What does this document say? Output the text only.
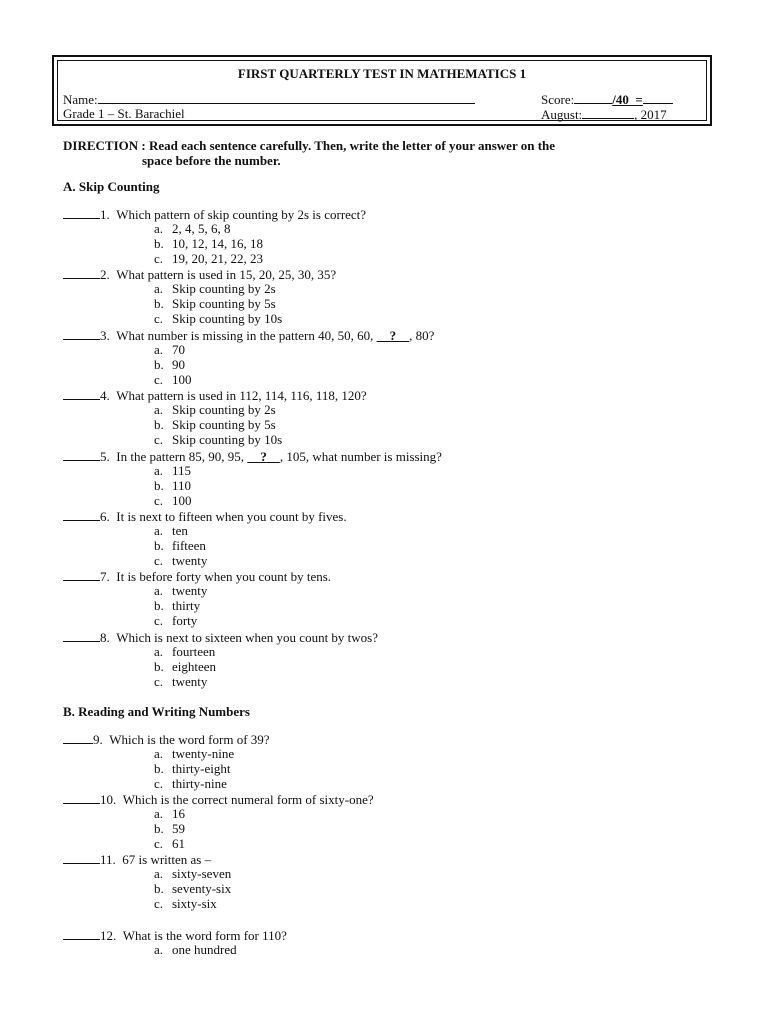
FIRST QUARTERLY TEST IN MATHEMATICS 1
Name:	Score:	/40 =
Grade 1 – St. Barachiel	August:	, 2017
DIRECTION : Read each sentence carefully. Then, write the letter of your answer on the
space before the number.
A. Skip Counting
1. Which pattern of skip counting by 2s is correct?
a. 2, 4, 5, 6, 8
b. 10, 12, 14, 16, 18
c. 19, 20, 21, 22, 23
2. What pattern is used in 15, 20, 25, 30, 35?
a. Skip counting by 2s
b. Skip counting by 5s
c. Skip counting by 10s
3. What number is missing in the pattern 40, 50, 60, ? , 80?
a. 70
b. 90
c. 100
4. What pattern is used in 112, 114, 116, 118, 120?
a. Skip counting by 2s
b. Skip counting by 5s
c. Skip counting by 10s
5. In the pattern 85, 90, 95, ? , 105, what number is missing?
a. 115
b. 110
c. 100
6. It is next to fifteen when you count by fives.
a. ten
b. fifteen
c. twenty
7. It is before forty when you count by tens.
a. twenty
b. thirty
c. forty
8. Which is next to sixteen when you count by twos?
a. fourteen
b. eighteen
c. twenty
B. Reading and Writing Numbers
9. Which is the word form of 39?
a. twenty-nine
b. thirty-eight
c. thirty-nine
10. Which is the correct numeral form of sixty-one?
a. 16
b. 59
c. 61
11. 67 is written as –
a. sixty-seven
b. seventy-six
c. sixty-six
12. What is the word form for 110?
a. one hundred
